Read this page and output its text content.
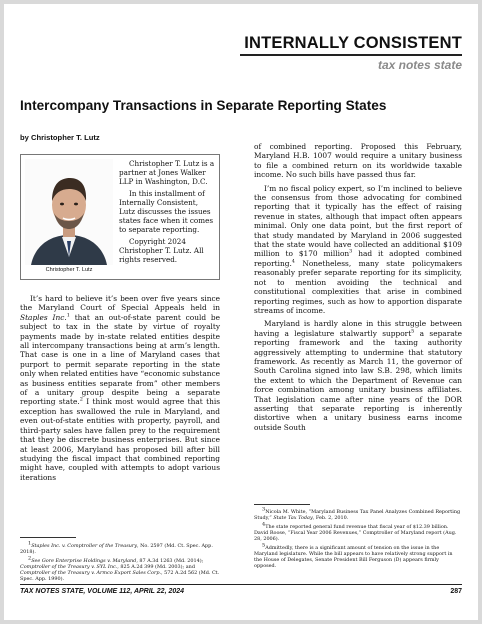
INTERNALLY CONSISTENT
tax notes state
Intercompany Transactions in Separate Reporting States
by Christopher T. Lutz
Christopher T. Lutz

Christopher T. Lutz is a partner at Jones Walker LLP in Washington, D.C.

In this installment of Internally Consistent, Lutz discusses the issues states face when it comes to separate reporting.

Copyright 2024 Christopher T. Lutz. All rights reserved.

It’s hard to believe it’s been over five years since the Maryland Court of Special Appeals held in Staples Inc.$^1$ that an out-of-state parent could be subject to tax in the state by virtue of royalty payments made by in-state related entities despite all intercompany transactions being at arm’s length. That case is one in a line of Maryland cases that purport to permit separate reporting in the state only when related entities have “economic substance as business entities separate from” other members of a unitary group despite being a separate reporting state.$^2$ I think most would agree that this exception has swallowed the rule in Maryland, and even out-of-state entities with property, payroll, and third-party sales have fallen prey to the requirement that they be discrete business enterprises. But since at least 2006, Maryland has proposed bill after bill studying the fiscal impact that combined reporting might have, coupled with attempts to adopt various iterations

$^1$Staples Inc. v. Comptroller of the Treasury, No. 2597 (Md. Ct. Spec. App. 2018).

$^2$See Gore Enterprise Holdings v. Maryland, 87 A.3d 1263 (Md. 2014); Comptroller of the Treasury v. SYL Inc., 825 A.2d 399 (Md. 2003); and Comptroller of the Treasury v. Armco Export Sales Corp., 572 A.2d 562 (Md. Ct. Spec. App. 1990).

of combined reporting. Proposed this February, Maryland H.B. 1007 would require a unitary business to file a combined return on its worldwide taxable income. No such bills have passed thus far.

I’m no fiscal policy expert, so I’m inclined to believe the consensus from those advocating for combined reporting that it typically has the effect of raising revenue in states, although that impact often appears minimal. Only one data point, but the first report of that study mandated by Maryland in 2006 suggested that the state would have collected an additional $109 million to $170 million$^3$ had it adopted combined reporting.$^4$ Nonetheless, many state policymakers reasonably prefer separate reporting for its simplicity, not to mention avoiding the technical and constitutional complexities that arise in combined reporting regimes, such as how to apportion disparate streams of income.

Maryland is hardly alone in this struggle between having a legislature stalwartly support$^5$ a separate reporting framework and the taxing authority aggressively attempting to undermine that statutory framework. As recently as March 11, the governor of South Carolina signed into law S.B. 298, which limits the extent to which the Department of Revenue can force combination among unitary business affiliates. That legislation came after nine years of the DOR asserting that separate reporting is inherently distortive when a unitary business earns income outside South

$^3$Nicola M. White, “Maryland Business Tax Panel Analyzes Combined Reporting Study,” State Tax Today, Feb. 2, 2010.

$^4$The state reported general fund revenue that fiscal year of $12.39 billion. David Roose, “Fiscal Year 2006 Revenues,” Comptroller of Maryland report (Aug. 28, 2006).

$^5$Admittedly, there is a significant amount of tension on the issue in the Maryland legislature. While the bill appears to have relatively strong support in the House of Delegates, Senate President Bill Ferguson (D) appears firmly opposed.

TAX NOTES STATE, VOLUME 112, APRIL 22, 2024	287
